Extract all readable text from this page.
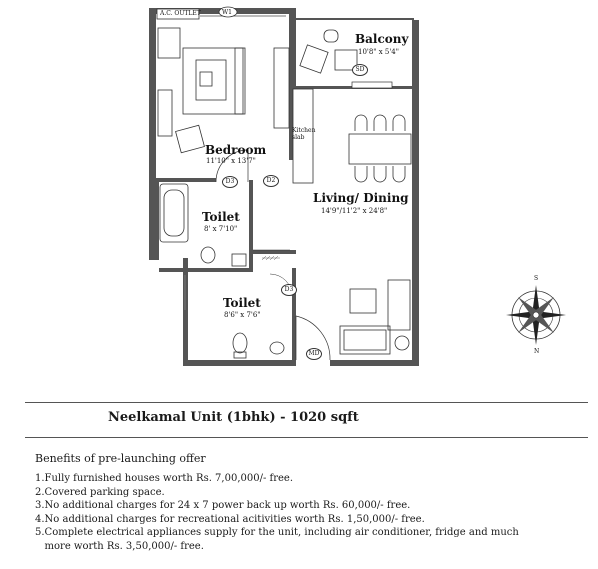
A.C. OUTLET	W1
Balcony
10'8" x 5'4"
SD
Bedroom
11'10" x 13'7"
Kitchen slab
D3	D2
D3
MD
Toilet
8' x 7'10"
Living/ Dining
14'9"/11'2" x 24'8"
Toilet
8'6" x 7'6"
S
N
Neelkamal Unit (1bhk) - 1020 sqft
Benefits of pre-launching offer
1.Fully furnished houses worth Rs. 7,00,000/- free.
2.Covered parking space.
3.No additional charges for 24 x 7 power back up worth Rs. 60,000/- free.
4.No additional charges for recreational acitivities worth Rs. 1,50,000/- free.
5.Complete electrical appliances supply for the unit, including air conditioner, fridge and much
more worth Rs. 3,50,000/- free.
